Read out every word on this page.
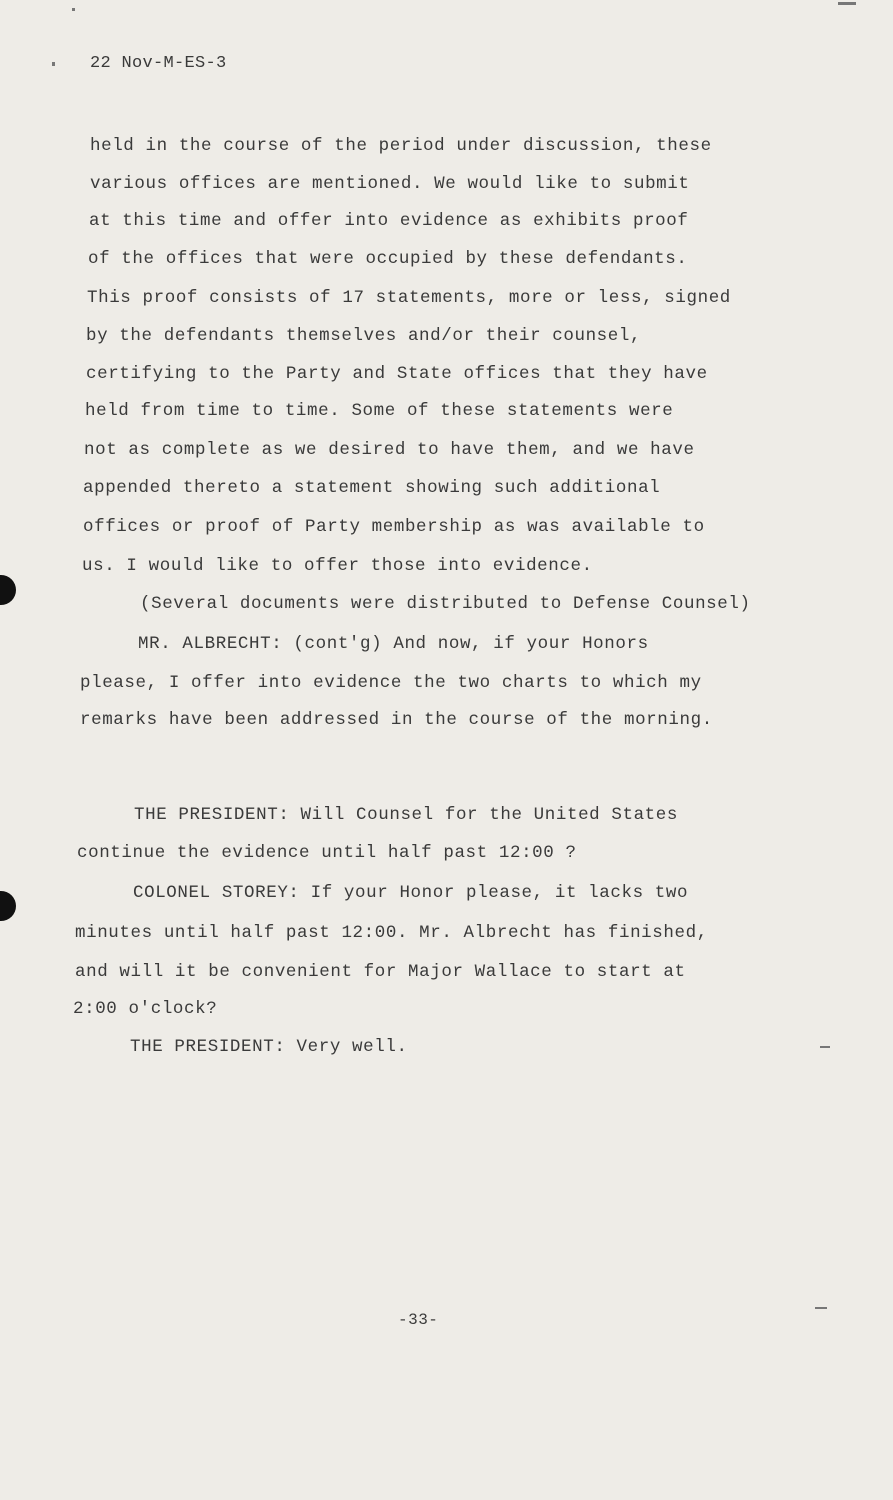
22 Nov-M-ES-3
held in the course of the period under discussion, these
various offices are mentioned. We would like to submit
at this time and offer into evidence as exhibits proof
of the offices that were occupied by these defendants.
This proof consists of 17 statements, more or less, signed
by the defendants themselves and/or their counsel,
certifying to the Party and State offices that they have
held from time to time. Some of these statements were
not as complete as we desired to have them, and we have
appended thereto a statement showing such additional
offices or proof of Party membership as was available to
us. I would like to offer those into evidence.
(Several documents were distributed to Defense Counsel)
MR. ALBRECHT: (cont'g) And now, if your Honors
please, I offer into evidence the two charts to which my
remarks have been addressed in the course of the morning.
THE PRESIDENT: Will Counsel for the United States
continue the evidence until half past 12:00 ?
COLONEL STOREY: If your Honor please, it lacks two
minutes until half past 12:00. Mr. Albrecht has finished,
and will it be convenient for Major Wallace to start at
2:00 o'clock?
THE PRESIDENT: Very well.
-33-
